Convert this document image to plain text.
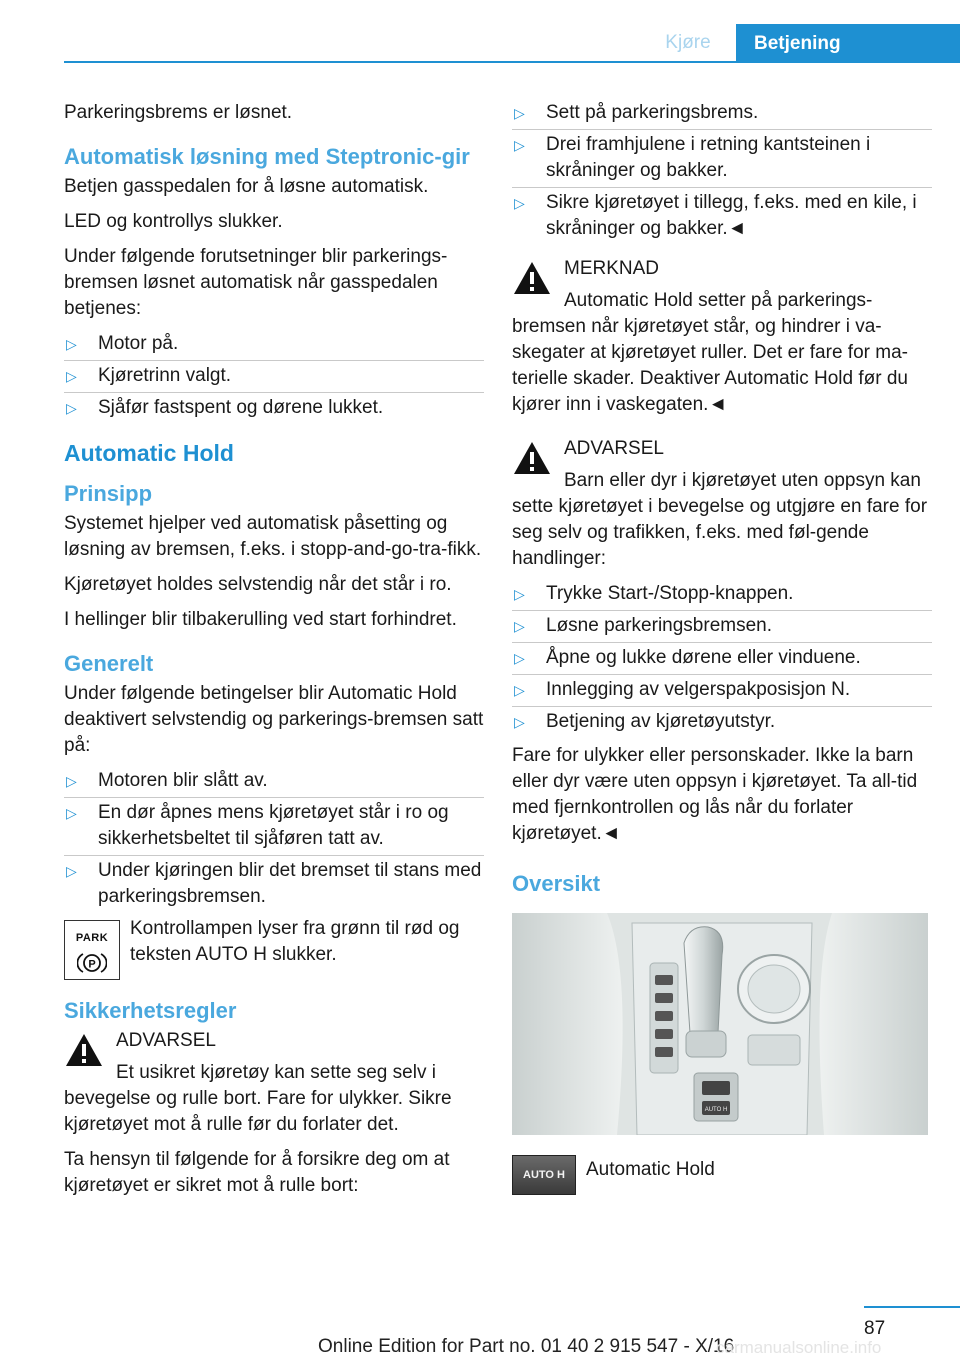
Kjøre	Betjening

Parkeringsbrems er løsnet.

Automatisk løsning med Steptronic-gir

Betjen gasspedalen for å løsne automatisk.

LED og kontrollys slukker.

Under følgende forutsetninger blir parkerings-bremsen løsnet automatisk når gasspedalen betjenes:

▷ Motor på.
▷ Kjøretrinn valgt.
▷ Sjåfør fastspent og dørene lukket.
Automatic Hold
Prinsipp

Systemet hjelper ved automatisk påsetting og løsning av bremsen, f.eks. i stopp-and-go-tra-fikk.

Kjøretøyet holdes selvstendig når det står i ro.

I hellinger blir tilbakerulling ved start forhindret.

Generelt

Under følgende betingelser blir Automatic Hold deaktivert selvstendig og parkerings-bremsen satt på:

▷ Motoren blir slått av.
▷ En dør åpnes mens kjøretøyet står i ro og sikkerhetsbeltet til sjåføren tatt av.
▷ Under kjøringen blir det bremset til stans med parkeringsbremsen.
PARK
P
Kontrollampen lyser fra grønn til rød og teksten AUTO H slukker.
Sikkerhetsregler
ADVARSEL
Et usikret kjøretøy kan sette seg selv i bevegelse og rulle bort. Fare for ulykker. Sikre kjøretøyet mot å rulle før du forlater det.

Ta hensyn til følgende for å forsikre deg om at kjøretøyet er sikret mot å rulle bort:

▷ Sett på parkeringsbrems.
▷ Drei framhjulene i retning kantsteinen i skråninger og bakker.
▷ Sikre kjøretøyet i tillegg, f.eks. med en kile, i skråninger og bakker.◄
MERKNAD
Automatic Hold setter på parkerings-bremsen når kjøretøyet står, og hindrer i va-skegater at kjøretøyet ruller. Det er fare for ma-terielle skader. Deaktiver Automatic Hold før du kjører inn i vaskegaten.◄
ADVARSEL
Barn eller dyr i kjøretøyet uten oppsyn kan sette kjøretøyet i bevegelse og utgjøre en fare for seg selv og trafikken, f.eks. med føl-gende handlinger:
▷ Trykke Start-/Stopp-knappen.
▷ Løsne parkeringsbremsen.
▷ Åpne og lukke dørene eller vinduene.
▷ Innlegging av velgerspakposisjon N.
▷ Betjening av kjøretøyutstyr.

Fare for ulykker eller personskader. Ikke la barn eller dyr være uten oppsyn i kjøretøyet. Ta all-tid med fjernkontrollen og lås når du forlater kjøretøyet.◄

Oversikt
AUTO H
AUTO H	Automatic Hold
87
Online Edition for Part no. 01 40 2 915 547 - X/16
carmanualsonline.info
